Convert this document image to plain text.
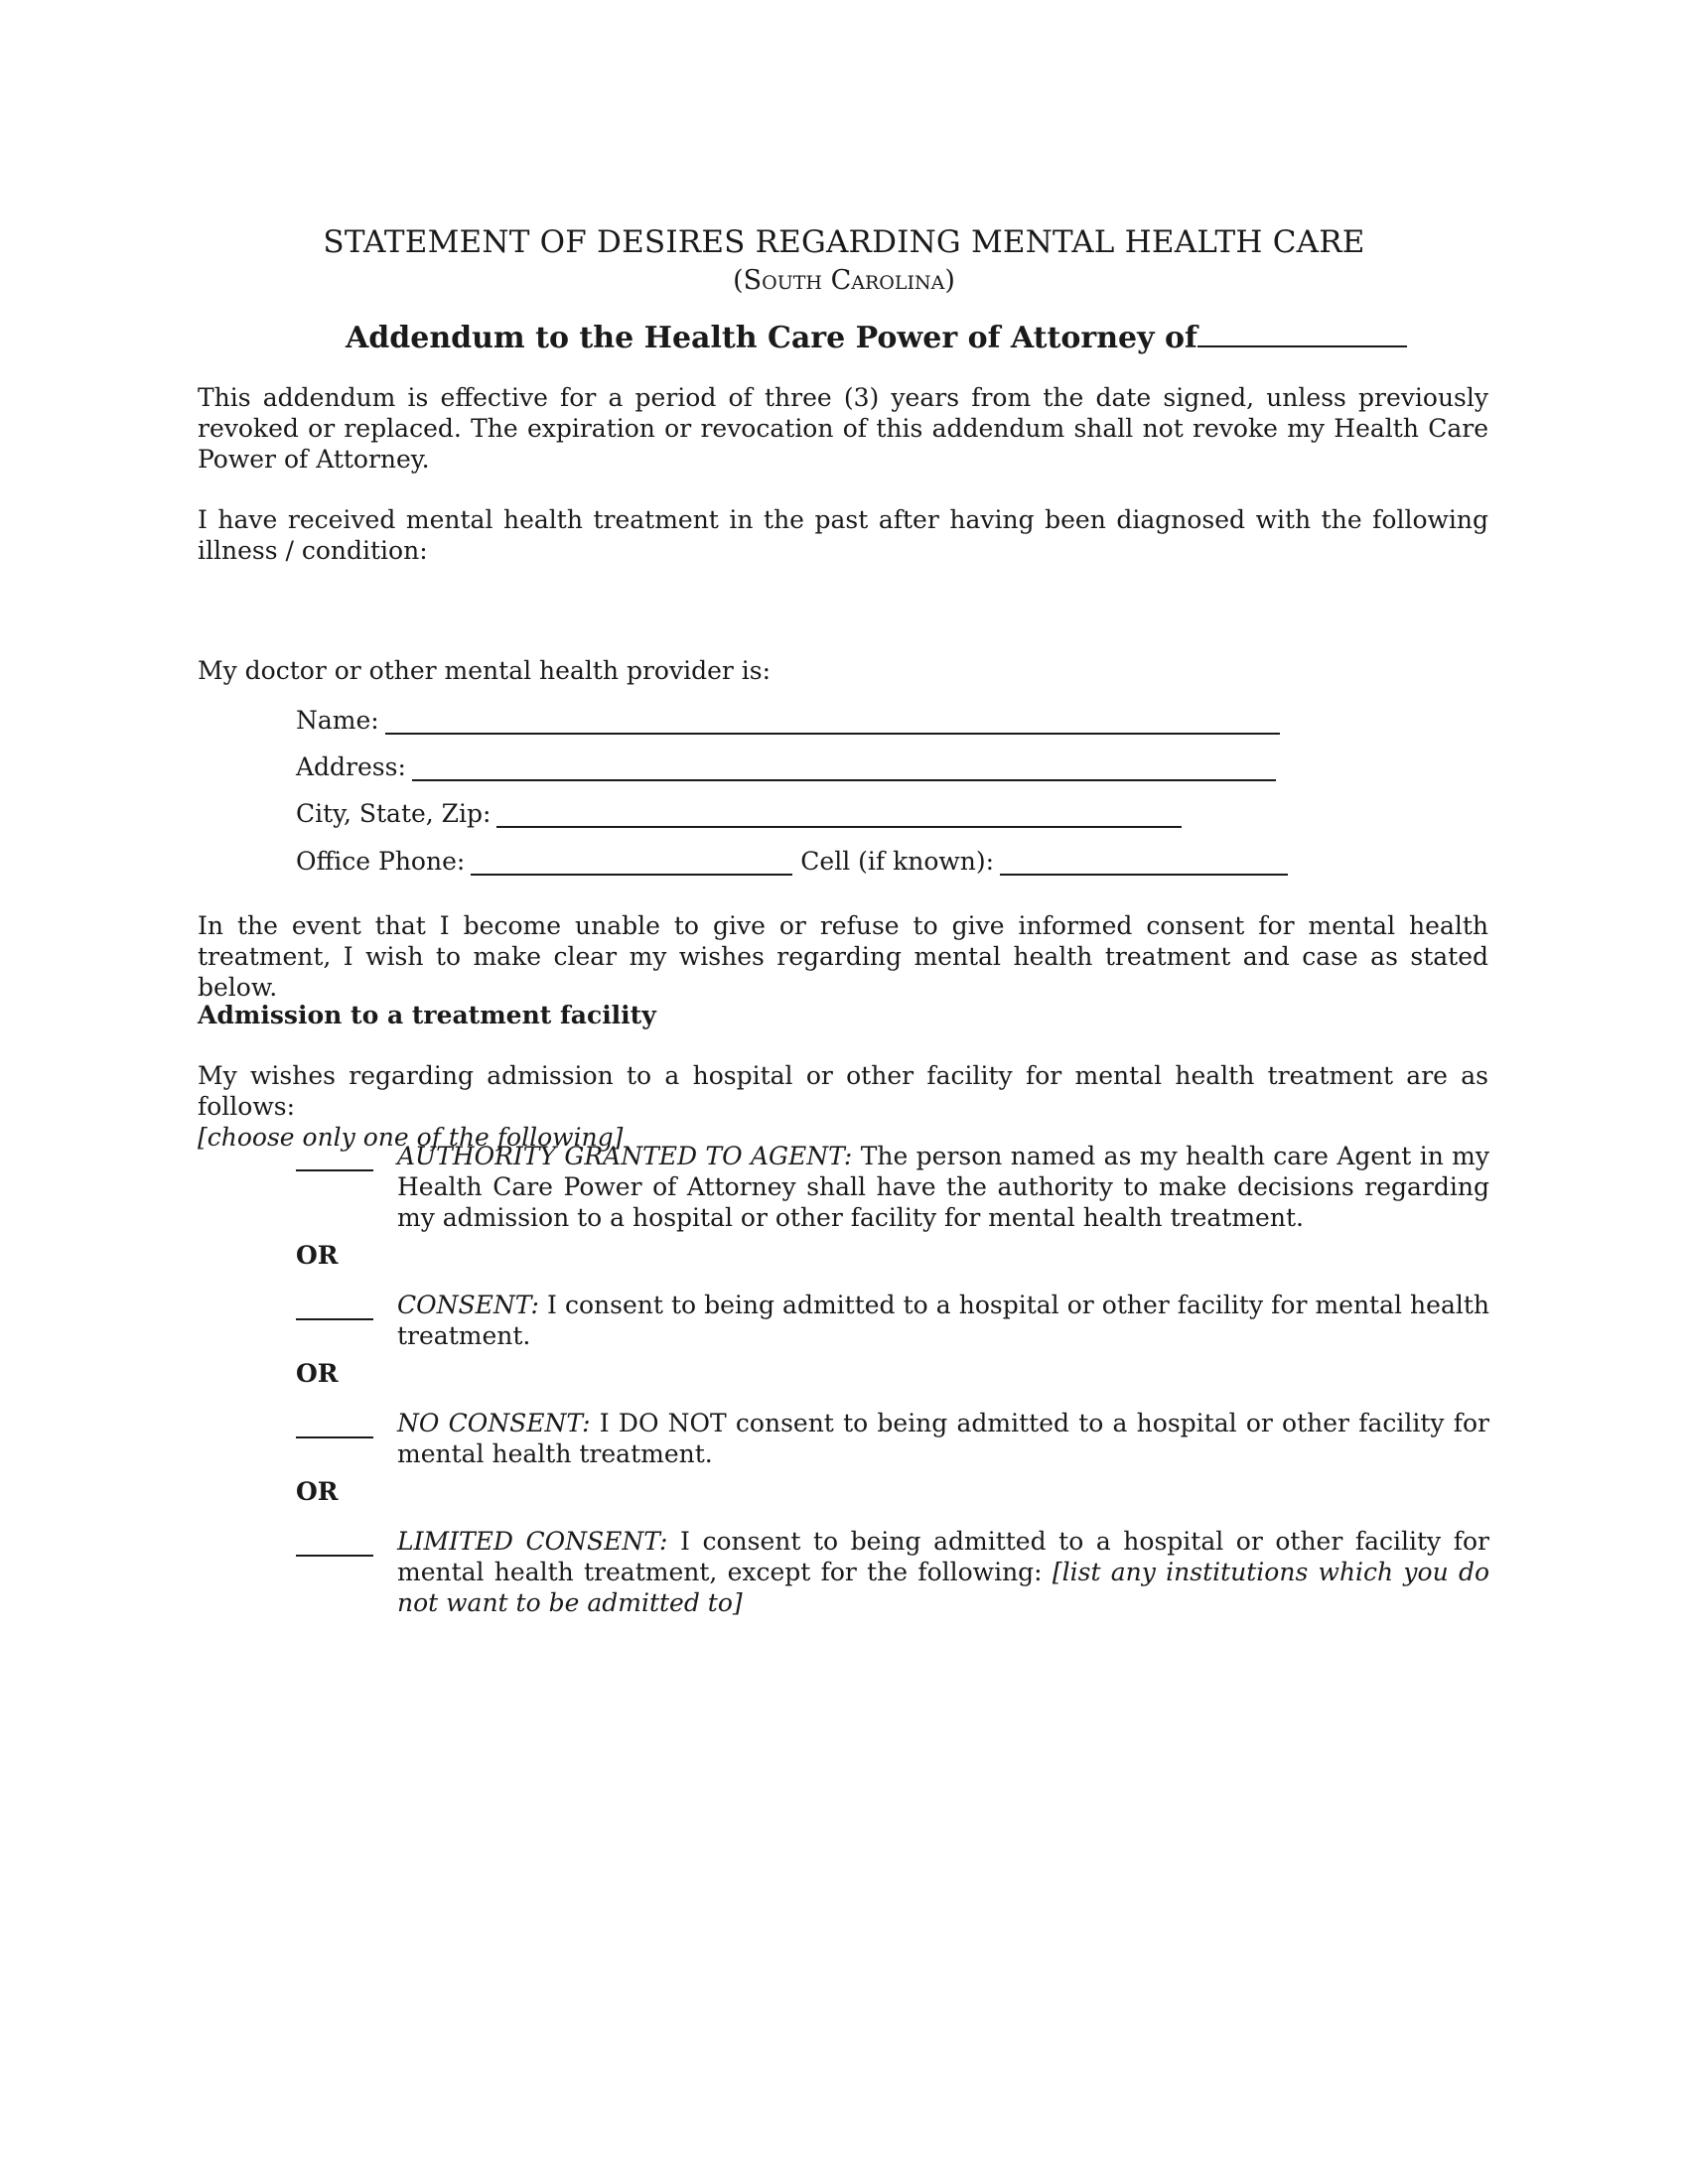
STATEMENT OF DESIRES REGARDING MENTAL HEALTH CARE
(South Carolina)
Addendum to the Health Care Power of Attorney of
This addendum is effective for a period of three (3) years from the date signed, unless previously revoked or replaced. The expiration or revocation of this addendum shall not revoke my Health Care Power of Attorney.
I have received mental health treatment in the past after having been diagnosed with the following illness / condition:
My doctor or other mental health provider is:
Name:
Address:
City, State, Zip:
Office Phone:	Cell (if known):
In the event that I become unable to give or refuse to give informed consent for mental health treatment, I wish to make clear my wishes regarding mental health treatment and case as stated below.
Admission to a treatment facility
My wishes regarding admission to a hospital or other facility for mental health treatment are as follows:
[choose only one of the following]
AUTHORITY GRANTED TO AGENT: The person named as my health care Agent in my Health Care Power of Attorney shall have the authority to make decisions regarding my admission to a hospital or other facility for mental health treatment.
OR
CONSENT: I consent to being admitted to a hospital or other facility for mental health treatment.
OR
NO CONSENT: I DO NOT consent to being admitted to a hospital or other facility for mental health treatment.
OR
LIMITED CONSENT: I consent to being admitted to a hospital or other facility for mental health treatment, except for the following: [list any institutions which you do not want to be admitted to]
